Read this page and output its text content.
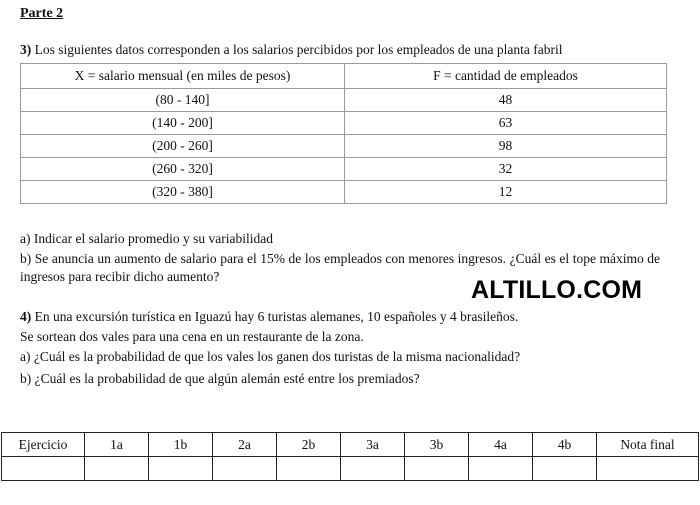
Parte 2
3) Los siguientes datos corresponden a los salarios percibidos por los empleados de una planta fabril
X = salario mensual (en miles de pesos)	F = cantidad de empleados
(80 - 140]	48
(140 - 200]	63
(200 - 260]	98
(260 - 320]	32
(320 - 380]	12
a) Indicar el salario promedio y su variabilidad
b) Se anuncia un aumento de salario para el 15% de los empleados con menores ingresos. ¿Cuál es el tope máximo de ingresos para recibir dicho aumento?	ALTILLO.COM
4) En una excursión turística en Iguazú hay 6 turistas alemanes, 10 españoles y 4 brasileños.
Se sortean dos vales para una cena en un restaurante de la zona.
a) ¿Cuál es la probabilidad de que los vales los ganen dos turistas de la misma nacionalidad?
b) ¿Cuál es la probabilidad de que algún alemán esté entre los premiados?
Ejercicio	1a	1b	2a	2b	3a	3b	4a	4b	Nota final
